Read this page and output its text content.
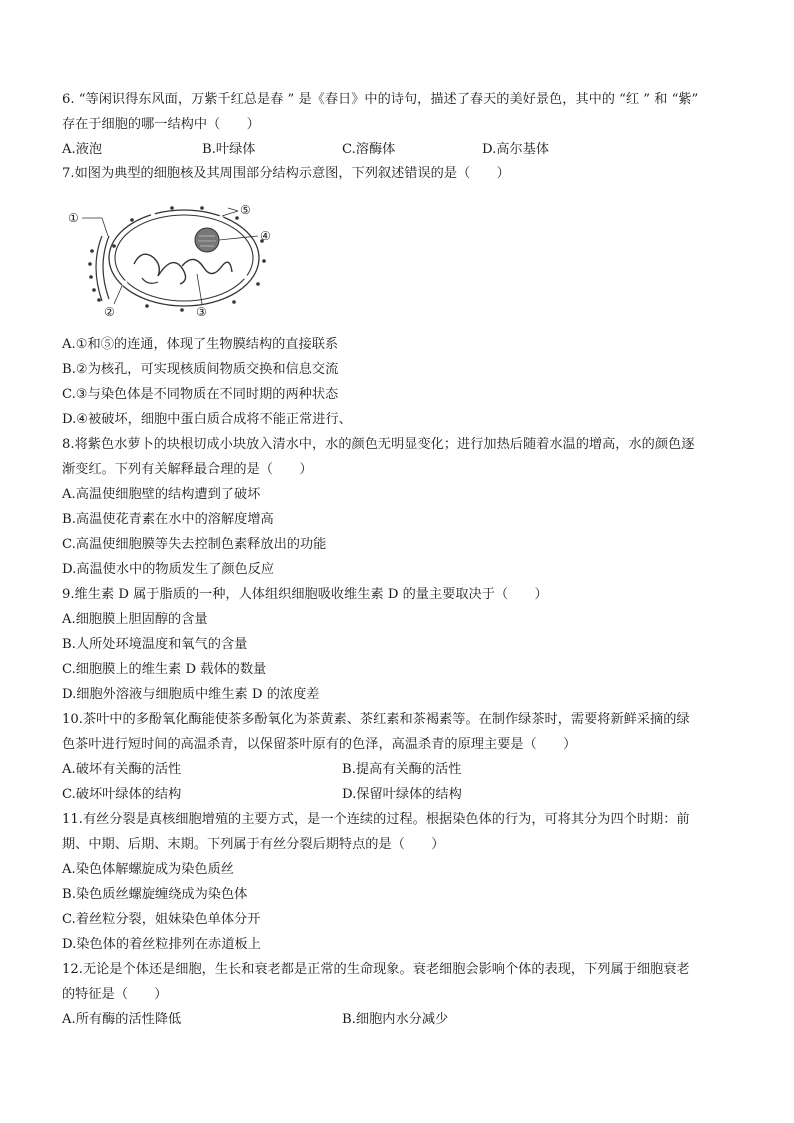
6. “等闲识得东风面，万紫千红总是春 ” 是《春日》中的诗句，描述了春天的美好景色，其中的 “红 ” 和 “紫”
存在于细胞的哪一结构中（　　）
A.液泡	B.叶绿体	C.溶酶体	D.高尔基体
7.如图为典型的细胞核及其周围部分结构示意图，下列叙述错误的是（　　）
①
②	③
④
⑤
A.①和⑤的连通，体现了生物膜结构的直接联系
B.②为核孔，可实现核质间物质交换和信息交流
C.③与染色体是不同物质在不同时期的两种状态
D.④被破坏，细胞中蛋白质合成将不能正常进行、
8.将紫色水萝卜的块根切成小块放入清水中，水的颜色无明显变化；进行加热后随着水温的增高，水的颜色逐
渐变红。下列有关解释最合理的是（　　）
A.高温使细胞壁的结构遭到了破坏
B.高温使花青素在水中的溶解度增高
C.高温使细胞膜等失去控制色素释放出的功能
D.高温使水中的物质发生了颜色反应
9.维生素 D 属于脂质的一种，人体组织细胞吸收维生素 D 的量主要取决于（　　）
A.细胞膜上胆固醇的含量
B.人所处环境温度和氧气的含量
C.细胞膜上的维生素 D 载体的数量
D.细胞外溶液与细胞质中维生素 D 的浓度差
10.茶叶中的多酚氧化酶能使茶多酚氧化为茶黄素、茶红素和茶褐素等。在制作绿茶时，需要将新鲜采摘的绿
色茶叶进行短时间的高温杀青，以保留茶叶原有的色泽，高温杀青的原理主要是（　　）
A.破坏有关酶的活性	B.提高有关酶的活性
C.破坏叶绿体的结构	D.保留叶绿体的结构
11.有丝分裂是真核细胞增殖的主要方式，是一个连续的过程。根据染色体的行为，可将其分为四个时期：前
期、中期、后期、末期。下列属于有丝分裂后期特点的是（　　）
A.染色体解螺旋成为染色质丝
B.染色质丝螺旋缠绕成为染色体
C.着丝粒分裂，姐妹染色单体分开
D.染色体的着丝粒排列在赤道板上
12.无论是个体还是细胞，生长和衰老都是正常的生命现象。衰老细胞会影响个体的表现，下列属于细胞衰老
的特征是（　　）
A.所有酶的活性降低	B.细胞内水分减少
